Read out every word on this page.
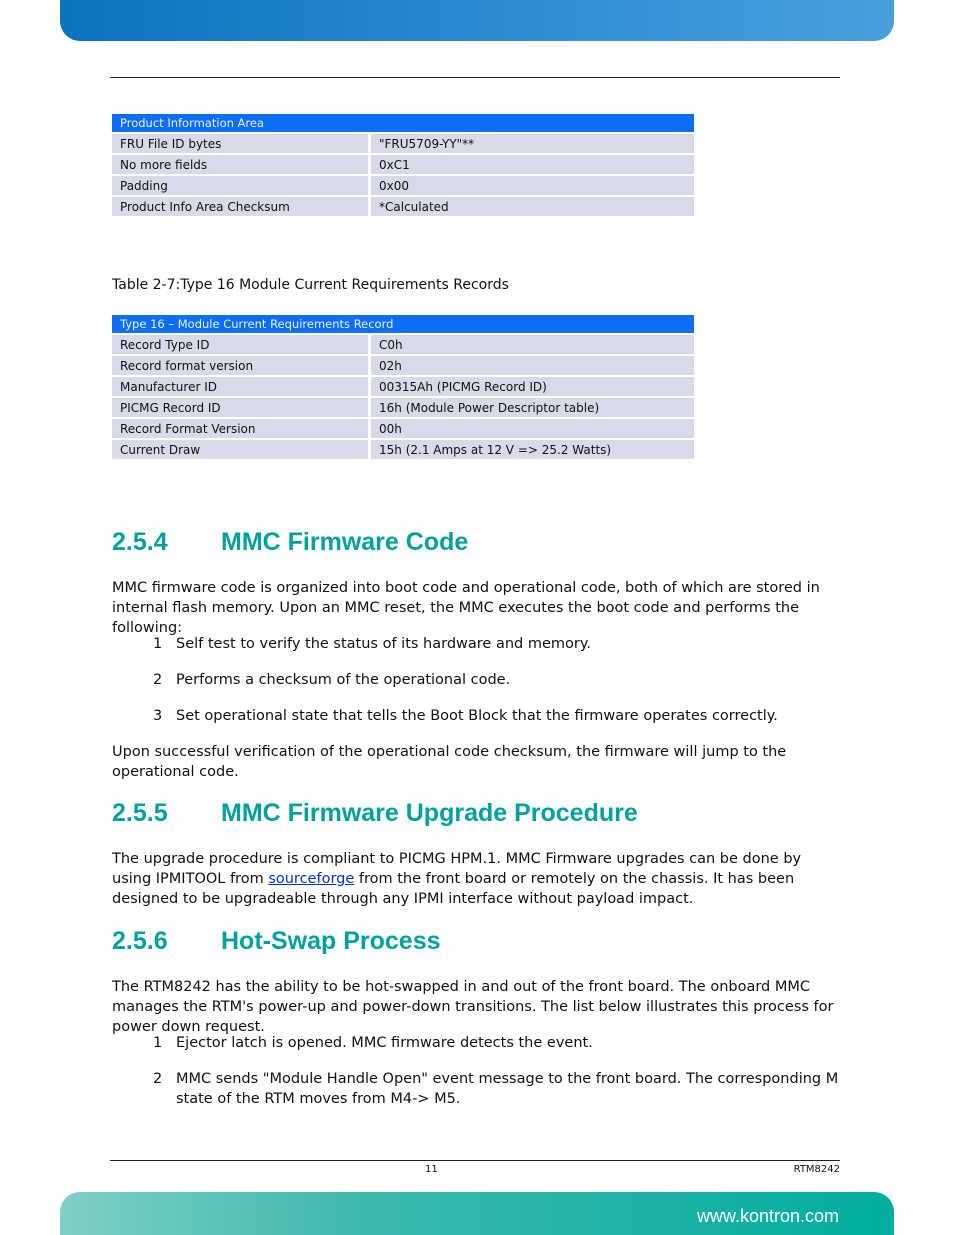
Product Information Area	
FRU File ID bytes	"FRU5709-YY"**
No more fields	0xC1
Padding	0x00
Product Info Area Checksum	*Calculated
Table 2-7:Type 16 Module Current Requirements Records
Type 16 – Module Current Requirements Record	
Record Type ID	C0h
Record format version	02h
Manufacturer ID	00315Ah (PICMG Record ID)
PICMG Record ID	16h (Module Power Descriptor table)
Record Format Version	00h
Current Draw	15h (2.1 Amps at 12 V => 25.2 Watts)
2.5.4 MMC Firmware Code

MMC firmware code is organized into boot code and operational code, both of which are stored in internal flash memory. Upon an MMC reset, the MMC executes the boot code and performs the following:

1 Self test to verify the status of its hardware and memory.
2 Performs a checksum of the operational code.
3 Set operational state that tells the Boot Block that the firmware operates correctly.

Upon successful verification of the operational code checksum, the firmware will jump to the operational code.

2.5.5 MMC Firmware Upgrade Procedure

The upgrade procedure is compliant to PICMG HPM.1. MMC Firmware upgrades can be done by using IPMITOOL from sourceforge from the front board or remotely on the chassis. It has been designed to be upgradeable through any IPMI interface without payload impact.

2.5.6 Hot-Swap Process

The RTM8242 has the ability to be hot-swapped in and out of the front board. The onboard MMC manages the RTM's power-up and power-down transitions. The list below illustrates this process for power down request.

1 Ejector latch is opened. MMC firmware detects the event.
2 MMC sends "Module Handle Open" event message to the front board. The corresponding M state of the RTM moves from M4-> M5.
11	RTM8242
www.kontron.com
